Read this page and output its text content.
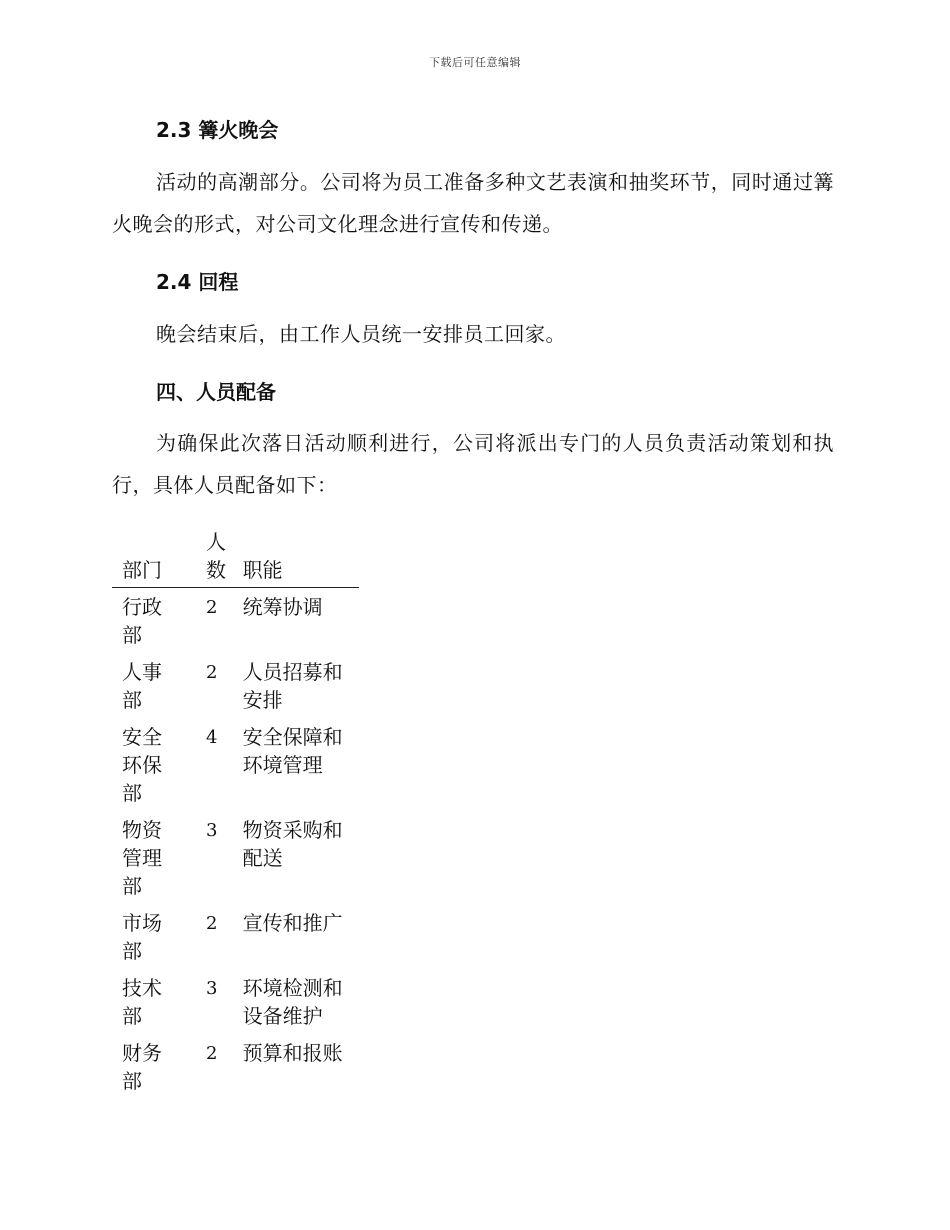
下载后可任意编辑
2.3 篝火晚会
活动的高潮部分。公司将为员工准备多种文艺表演和抽奖环节，同时通过篝火晚会的形式，对公司文化理念进行宣传和传递。
2.4 回程
晚会结束后，由工作人员统一安排员工回家。
四、人员配备
为确保此次落日活动顺利进行，公司将派出专门的人员负责活动策划和执行，具体人员配备如下：
部门	人数	职能

行政部	2	统筹协调

人事部	2	人员招募和安排

安全环保部	4	安全保障和环境管理

物资管理部	3	物资采购和配送

市场部	2	宣传和推广

技术部	3	环境检测和设备维护

财务部	2	预算和报账
